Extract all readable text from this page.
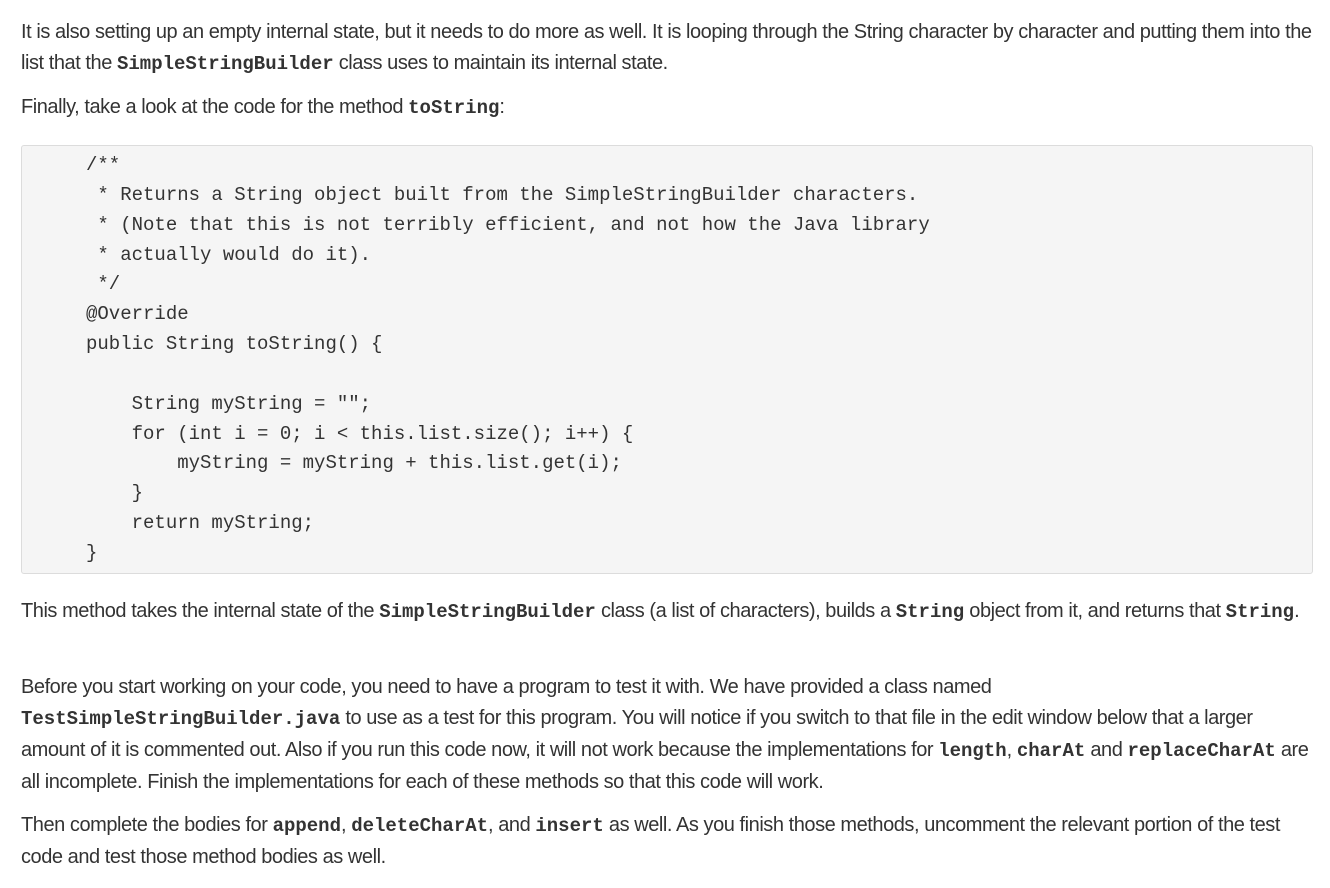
It is also setting up an empty internal state, but it needs to do more as well. It is looping through the String character by character and putting them into the list that the SimpleStringBuilder class uses to maintain its internal state.

Finally, take a look at the code for the method toString:

/**
* Returns a String object built from the SimpleStringBuilder characters.
* (Note that this is not terribly efficient, and not how the Java library
* actually would do it).
*/
@Override
public String toString() {

String myString = "";
for (int i = 0; i < this.list.size(); i++) {
myString = myString + this.list.get(i);
}
return myString;
}

This method takes the internal state of the SimpleStringBuilder class (a list of characters), builds a String object from it, and returns that String.

Before you start working on your code, you need to have a program to test it with. We have provided a class named TestSimpleStringBuilder.java to use as a test for this program. You will notice if you switch to that file in the edit window below that a larger amount of it is commented out. Also if you run this code now, it will not work because the implementations for length, charAt and replaceCharAt are all incomplete. Finish the implementations for each of these methods so that this code will work.

Then complete the bodies for append, deleteCharAt, and insert as well. As you finish those methods, uncomment the relevant portion of the test code and test those method bodies as well.
